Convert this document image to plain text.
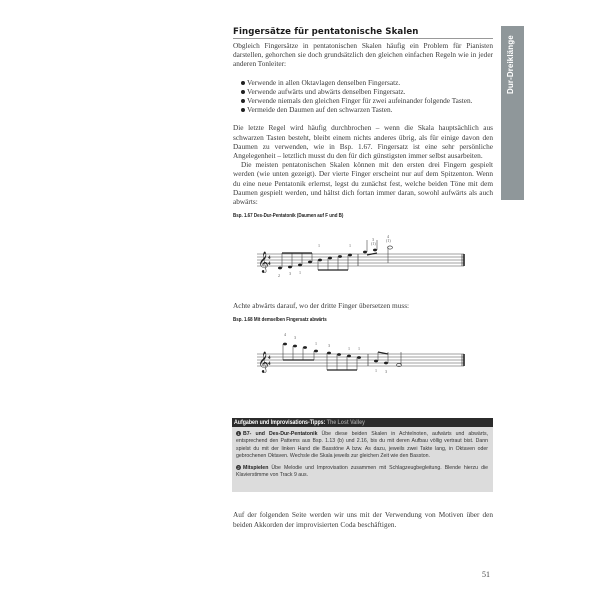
Dur-Dreiklänge
Fingersätze für pentatonische Skalen

Obgleich Fingersätze in pentatonischen Skalen häufig ein Problem für Pianisten darstellen, gehorchen sie doch grundsätzlich den gleichen einfachen Regeln wie in jeder anderen Tonleiter:

Verwende in allen Oktavlagen denselben Fingersatz.
Verwende aufwärts und abwärts denselben Fingersatz.
Verwende niemals den gleichen Finger für zwei aufeinander folgende Tasten.
Vermeide den Daumen auf den schwarzen Tasten.

Die letzte Regel wird häufig durchbrochen – wenn die Skala hauptsächlich aus schwarzen Tasten besteht, bleibt einem nichts anderes übrig, als für einige davon den Daumen zu verwenden, wie in Bsp. 1.67. Fingersatz ist eine sehr persönliche Angelegenheit – letztlich musst du den für dich günstigsten immer selbst ausarbeiten.

Die meisten pentatonischen Skalen können mit den ersten drei Fingern gespielt werden (wie unten gezeigt). Der vierte Finger erscheint nur auf dem Spitzenton. Wenn du eine neue Pentatonik erlernst, legst du zunächst fest, welche beiden Töne mit dem Daumen gespielt werden, und hältst dich fortan immer daran, sowohl aufwärts als auch abwärts:

Bsp. 1.67 Des-Dur-Pentatonik (Daumen auf F und B)
𝄞 4
4
2 3 1
1	1
3
(1)
4
(1)
Achte abwärts darauf, wo der dritte Finger übersetzen muss:
Bsp. 1.68 Mit demselben Fingersatz abwärts
𝄞 4
4
4
3
1	3
1 1
1 3
Aufgaben und Improvisations-Tipps: The Lost Valley
1 B7- und Des-Dur-Pentatonik Übe diese beiden Skalen in Achtelnoten, aufwärts und abwärts, entsprechend den Patterns aus Bsp. 1.13 (b) und 2.16, bis du mit deren Aufbau völlig vertraut bist. Dann spielst du mit der linken Hand die Basstöne A bzw. As dazu, jeweils zwei Takte lang, in Oktaven oder gebrochenen Oktaven. Wechsle die Skala jeweils zur gleichen Zeit wie den Basston.
2 Mitspielen Übe Melodie und Improvisation zusammen mit Schlagzeugbegleitung. Blende hierzu die Klavierstimme von Track 9 aus.

Auf der folgenden Seite werden wir uns mit der Verwendung von Motiven über den beiden Akkorden der improvisierten Coda beschäftigen.

51
